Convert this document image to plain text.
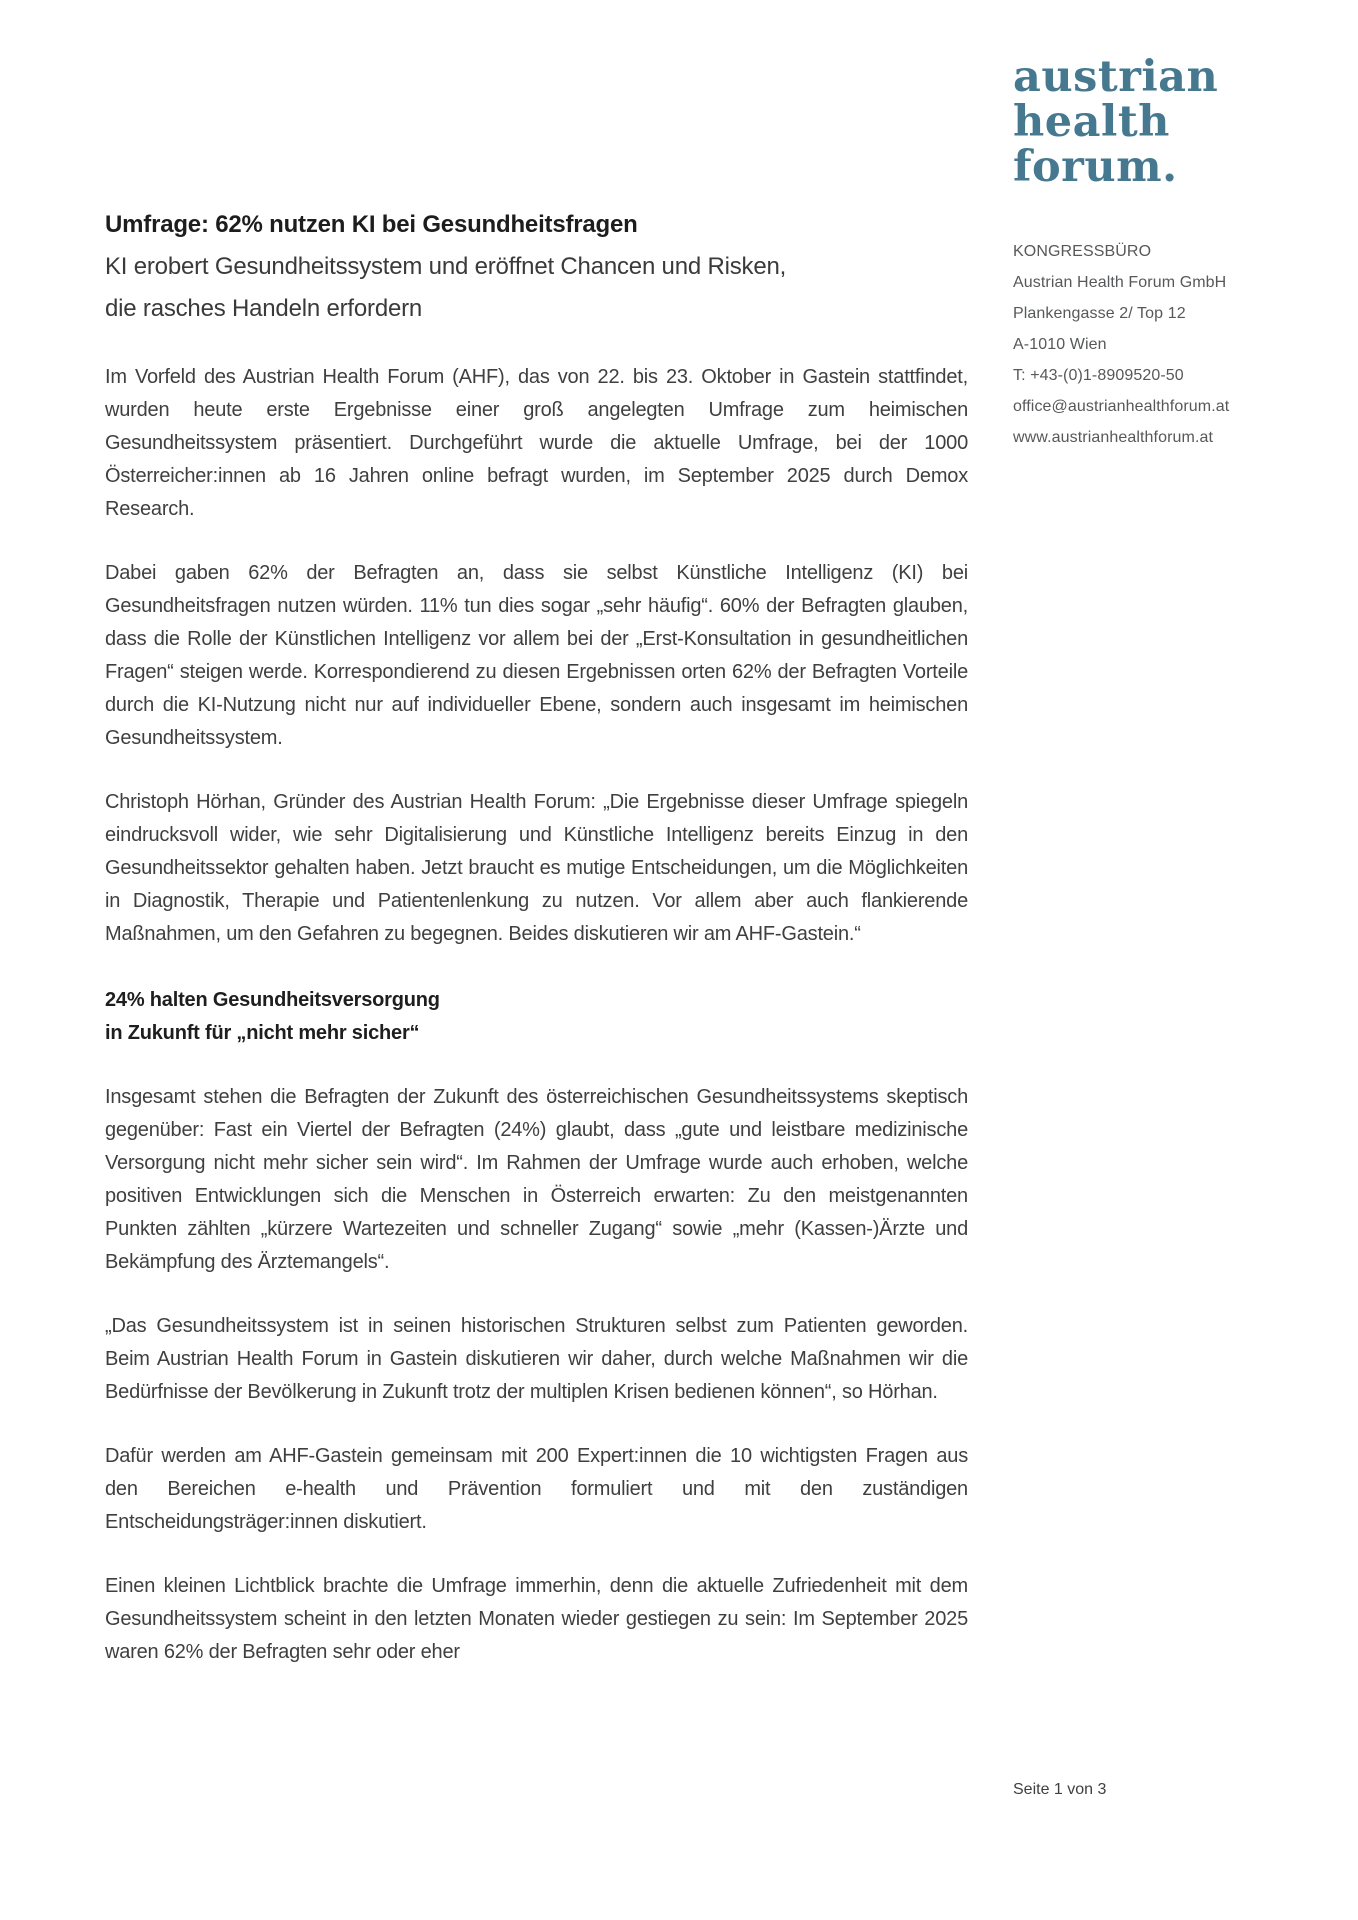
Umfrage: 62% nutzen KI bei Gesundheitsfragen
KI erobert Gesundheitssystem und eröffnet Chancen und Risken,
die rasches Handeln erfordern

Im Vorfeld des Austrian Health Forum (AHF), das von 22. bis 23. Oktober in Gastein stattfindet, wurden heute erste Ergebnisse einer groß angelegten Umfrage zum heimischen Gesundheitssystem präsentiert. Durchgeführt wurde die aktuelle Umfrage, bei der 1000 Österreicher:innen ab 16 Jahren online befragt wurden, im September 2025 durch Demox Research.

Dabei gaben 62% der Befragten an, dass sie selbst Künstliche Intelligenz (KI) bei Gesundheitsfragen nutzen würden. 11% tun dies sogar „sehr häufig“. 60% der Befragten glauben, dass die Rolle der Künstlichen Intelligenz vor allem bei der „Erst-Konsultation in gesundheitlichen Fragen“ steigen werde. Korrespondierend zu diesen Ergebnissen orten 62% der Befragten Vorteile durch die KI-Nutzung nicht nur auf individueller Ebene, sondern auch insgesamt im heimischen Gesundheitssystem.

Christoph Hörhan, Gründer des Austrian Health Forum: „Die Ergebnisse dieser Umfrage spiegeln eindrucksvoll wider, wie sehr Digitalisierung und Künstliche Intelligenz bereits Einzug in den Gesundheitssektor gehalten haben. Jetzt braucht es mutige Entscheidungen, um die Möglichkeiten in Diagnostik, Therapie und Patientenlenkung zu nutzen. Vor allem aber auch flankierende Maßnahmen, um den Gefahren zu begegnen. Beides diskutieren wir am AHF-Gastein.“

24% halten Gesundheitsversorgung
in Zukunft für „nicht mehr sicher“

Insgesamt stehen die Befragten der Zukunft des österreichischen Gesundheitssystems skeptisch gegenüber: Fast ein Viertel der Befragten (24%) glaubt, dass „gute und leistbare medizinische Versorgung nicht mehr sicher sein wird“. Im Rahmen der Umfrage wurde auch erhoben, welche positiven Entwicklungen sich die Menschen in Österreich erwarten: Zu den meistgenannten Punkten zählten „kürzere Wartezeiten und schneller Zugang“ sowie „mehr (Kassen-)Ärzte und Bekämpfung des Ärztemangels“.

„Das Gesundheitssystem ist in seinen historischen Strukturen selbst zum Patienten geworden. Beim Austrian Health Forum in Gastein diskutieren wir daher, durch welche Maßnahmen wir die Bedürfnisse der Bevölkerung in Zukunft trotz der multiplen Krisen bedienen können“, so Hörhan.

Dafür werden am AHF-Gastein gemeinsam mit 200 Expert:innen die 10 wichtigsten Fragen aus den Bereichen e-health und Prävention formuliert und mit den zuständigen Entscheidungsträger:innen diskutiert.

Einen kleinen Lichtblick brachte die Umfrage immerhin, denn die aktuelle Zufriedenheit mit dem Gesundheitssystem scheint in den letzten Monaten wieder gestiegen zu sein: Im September 2025 waren 62% der Befragten sehr oder eher

austrian
health
forum.
KONGRESSBÜRO
Austrian Health Forum GmbH
Plankengasse 2/ Top 12
A-1010 Wien
T: +43-(0)1-8909520-50
office@austrianhealthforum.at
www.austrianhealthforum.at
Seite 1 von 3
